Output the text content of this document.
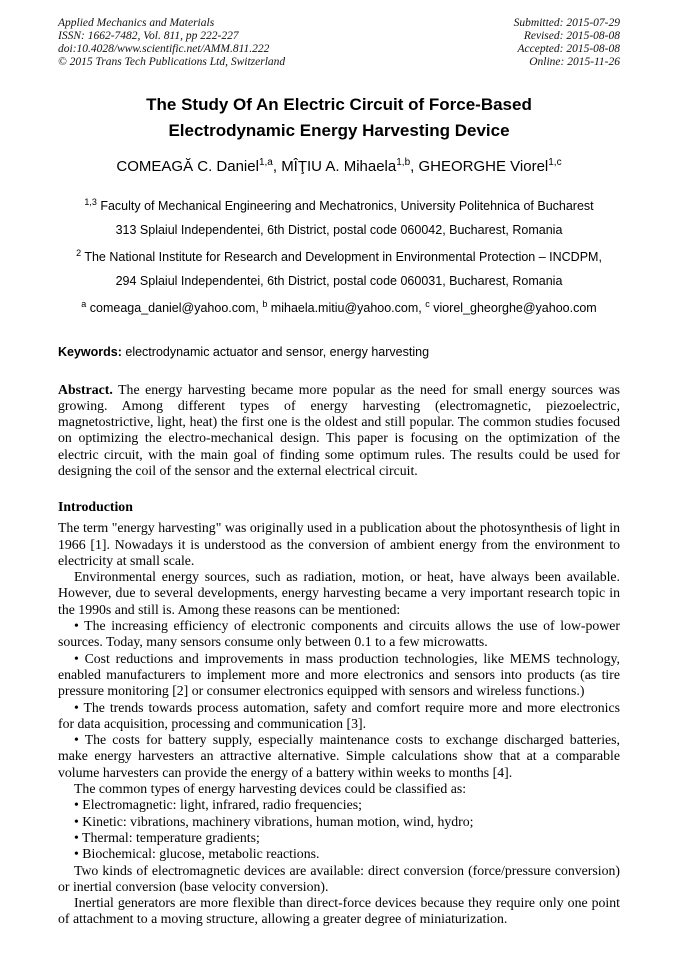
Applied Mechanics and Materials
ISSN: 1662-7482, Vol. 811, pp 222-227
doi:10.4028/www.scientific.net/AMM.811.222
© 2015 Trans Tech Publications Ltd, Switzerland
Submitted: 2015-07-29
Revised: 2015-08-08
Accepted: 2015-08-08
Online: 2015-11-26
The Study Of An Electric Circuit of Force-Based
Electrodynamic Energy Harvesting Device
COMEAGĂ C. Daniel$^{1,a}$, MÎŢIU A. Mihaela$^{1,b}$, GHEORGHE Viorel$^{1,c}$
$^{1,3}$ Faculty of Mechanical Engineering and Mechatronics, University Politehnica of Bucharest
313 Splaiul Independentei, 6th District, postal code 060042, Bucharest, Romania
$^2$ The National Institute for Research and Development in Environmental Protection – INCDPM,
294 Splaiul Independentei, 6th District, postal code 060031, Bucharest, Romania
$^a$ comeaga_daniel@yahoo.com, $^b$ mihaela.mitiu@yahoo.com, $^c$ viorel_gheorghe@yahoo.com
Keywords: electrodynamic actuator and sensor, energy harvesting

Abstract. The energy harvesting became more popular as the need for small energy sources was growing. Among different types of energy harvesting (electromagnetic, piezoelectric, magnetostrictive, light, heat) the first one is the oldest and still popular. The common studies focused on optimizing the electro-mechanical design. This paper is focusing on the optimization of the electric circuit, with the main goal of finding some optimum rules. The results could be used for designing the coil of the sensor and the external electrical circuit.

Introduction

The term "energy harvesting" was originally used in a publication about the photosynthesis of light in 1966 [1]. Nowadays it is understood as the conversion of ambient energy from the environment to electricity at small scale.

Environmental energy sources, such as radiation, motion, or heat, have always been available. However, due to several developments, energy harvesting became a very important research topic in the 1990s and still is. Among these reasons can be mentioned:

• The increasing efficiency of electronic components and circuits allows the use of low-power sources. Today, many sensors consume only between 0.1 to a few microwatts.

• Cost reductions and improvements in mass production technologies, like MEMS technology, enabled manufacturers to implement more and more electronics and sensors into products (as tire pressure monitoring [2] or consumer electronics equipped with sensors and wireless functions.)

• The trends towards process automation, safety and comfort require more and more electronics for data acquisition, processing and communication [3].

• The costs for battery supply, especially maintenance costs to exchange discharged batteries, make energy harvesters an attractive alternative. Simple calculations show that at a comparable volume harvesters can provide the energy of a battery within weeks to months [4].

The common types of energy harvesting devices could be classified as:

• Electromagnetic: light, infrared, radio frequencies;

• Kinetic: vibrations, machinery vibrations, human motion, wind, hydro;

• Thermal: temperature gradients;

• Biochemical: glucose, metabolic reactions.

Two kinds of electromagnetic devices are available: direct conversion (force/pressure conversion) or inertial conversion (base velocity conversion).

Inertial generators are more flexible than direct-force devices because they require only one point of attachment to a moving structure, allowing a greater degree of miniaturization.
